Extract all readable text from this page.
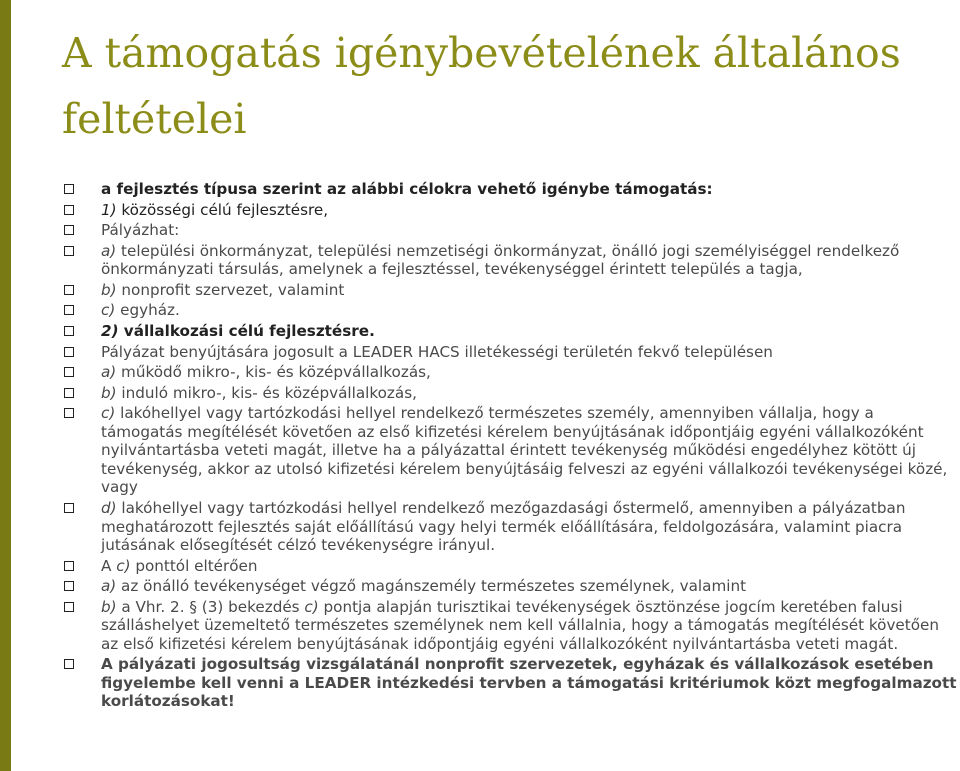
A támogatás igénybevételének általános feltételei
a fejlesztés típusa szerint az alábbi célokra vehető igénybe támogatás:
1) közösségi célú fejlesztésre,
Pályázhat:
a) települési önkormányzat, települési nemzetiségi önkormányzat, önálló jogi személyiséggel rendelkező önkormányzati társulás, amelynek a fejlesztéssel, tevékenységgel érintett település a tagja,
b) nonprofit szervezet, valamint
c) egyház.
2) vállalkozási célú fejlesztésre.
Pályázat benyújtására jogosult a LEADER HACS illetékességi területén fekvő településen
a) működő mikro-, kis- és középvállalkozás,
b) induló mikro-, kis- és középvállalkozás,
c) lakóhellyel vagy tartózkodási hellyel rendelkező természetes személy, amennyiben vállalja, hogy a támogatás megítélését követően az első kifizetési kérelem benyújtásának időpontjáig egyéni vállalkozóként nyilvántartásba veteti magát, illetve ha a pályázattal érintett tevékenység működési engedélyhez kötött új tevékenység, akkor az utolsó kifizetési kérelem benyújtásáig felveszi az egyéni vállalkozói tevékenységei közé, vagy
d) lakóhellyel vagy tartózkodási hellyel rendelkező mezőgazdasági őstermelő, amennyiben a pályázatban meghatározott fejlesztés saját előállítású vagy helyi termék előállítására, feldolgozására, valamint piacra jutásának elősegítését célzó tevékenységre irányul.
A c) ponttól eltérően
a) az önálló tevékenységet végző magánszemély természetes személynek, valamint
b) a Vhr. 2. § (3) bekezdés c) pontja alapján turisztikai tevékenységek ösztönzése jogcím keretében falusi szálláshelyet üzemeltető természetes személynek nem kell vállalnia, hogy a támogatás megítélését követően az első kifizetési kérelem benyújtásának időpontjáig egyéni vállalkozóként nyilvántartásba veteti magát.
A pályázati jogosultság vizsgálatánál nonprofit szervezetek, egyházak és vállalkozások esetében figyelembe kell venni a LEADER intézkedési tervben a támogatási kritériumok közt megfogalmazott korlátozásokat!
